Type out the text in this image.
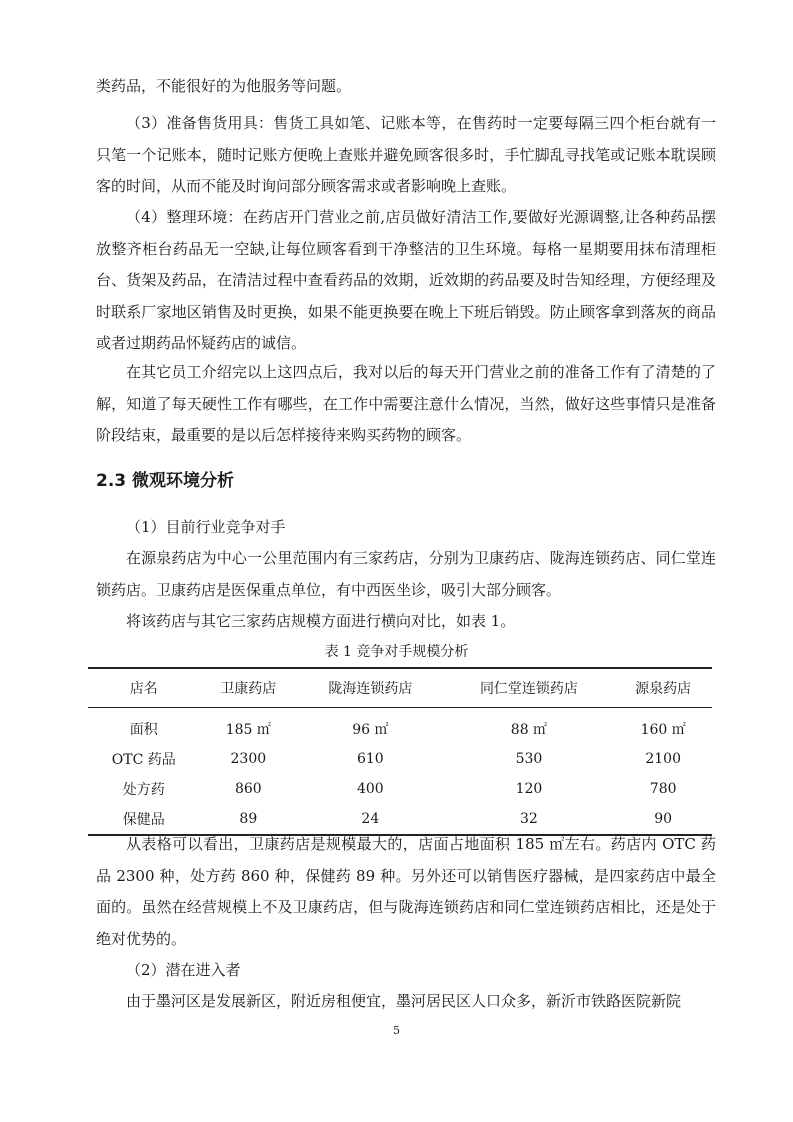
类药品，不能很好的为他服务等问题。

（3）准备售货用具：售货工具如笔、记账本等，在售药时一定要每隔三四个柜台就有一只笔一个记账本，随时记账方便晚上查账并避免顾客很多时，手忙脚乱寻找笔或记账本耽误顾客的时间，从而不能及时询问部分顾客需求或者影响晚上查账。

（4）整理环境：在药店开门营业之前,店员做好清洁工作,要做好光源调整,让各种药品摆放整齐柜台药品无一空缺,让每位顾客看到干净整洁的卫生环境。每格一星期要用抹布清理柜台、货架及药品，在清洁过程中查看药品的效期，近效期的药品要及时告知经理，方便经理及时联系厂家地区销售及时更换，如果不能更换要在晚上下班后销毁。防止顾客拿到落灰的商品或者过期药品怀疑药店的诚信。

在其它员工介绍完以上这四点后，我对以后的每天开门营业之前的准备工作有了清楚的了解，知道了每天硬性工作有哪些，在工作中需要注意什么情况，当然，做好这些事情只是准备阶段结束，最重要的是以后怎样接待来购买药物的顾客。

2.3 微观环境分析

（1）目前行业竞争对手

在源泉药店为中心一公里范围内有三家药店，分别为卫康药店、陇海连锁药店、同仁堂连锁药店。卫康药店是医保重点单位，有中西医坐诊，吸引大部分顾客。

将该药店与其它三家药店规模方面进行横向对比，如表 1。

表 1 竞争对手规模分析

店名	卫康药店	陇海连锁药店	同仁堂连锁药店	源泉药店
面积	185 ㎡	96 ㎡	88 ㎡	160 ㎡
OTC 药品	2300	610	530	2100
处方药	860	400	120	780
保健品	89	24	32	90

从表格可以看出，卫康药店是规模最大的，店面占地面积 185 ㎡左右。药店内 OTC 药品 2300 种，处方药 860 种，保健药 89 种。另外还可以销售医疗器械，是四家药店中最全面的。虽然在经营规模上不及卫康药店，但与陇海连锁药店和同仁堂连锁药店相比，还是处于绝对优势的。

（2）潜在进入者

由于墨河区是发展新区，附近房租便宜，墨河居民区人口众多，新沂市铁路医院新院

5
